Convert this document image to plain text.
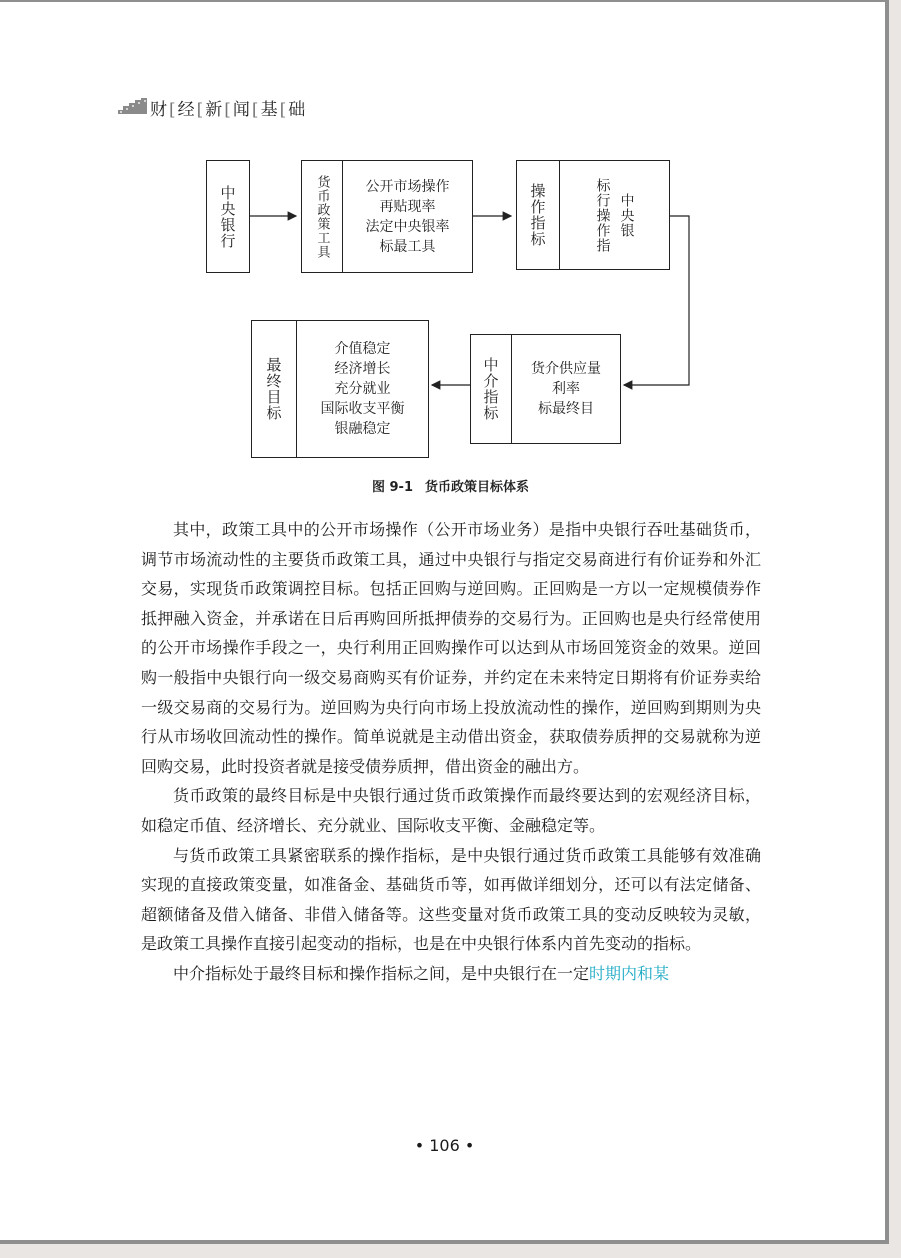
财[经[新[闻[基[础
中央银行	货币政策工具	公开市场操作
再贴现率
法定中央银率
标最工具	操作指标	中央银
标行操作指
最终目标
介值稳定
经济增长
充分就业
国际收支平衡
银融稳定
中介指标	货介供应量
利率
标最终目
图 9-1 货币政策目标体系

其中，政策工具中的公开市场操作（公开市场业务）是指中央银行吞吐基础货币，调节市场流动性的主要货币政策工具，通过中央银行与指定交易商进行有价证券和外汇交易，实现货币政策调控目标。包括正回购与逆回购。正回购是一方以一定规模债券作抵押融入资金，并承诺在日后再购回所抵押债券的交易行为。正回购也是央行经常使用的公开市场操作手段之一，央行利用正回购操作可以达到从市场回笼资金的效果。逆回购一般指中央银行向一级交易商购买有价证券，并约定在未来特定日期将有价证券卖给一级交易商的交易行为。逆回购为央行向市场上投放流动性的操作，逆回购到期则为央行从市场收回流动性的操作。简单说就是主动借出资金，获取债券质押的交易就称为逆回购交易，此时投资者就是接受债券质押，借出资金的融出方。

货币政策的最终目标是中央银行通过货币政策操作而最终要达到的宏观经济目标，如稳定币值、经济增长、充分就业、国际收支平衡、金融稳定等。

与货币政策工具紧密联系的操作指标，是中央银行通过货币政策工具能够有效准确实现的直接政策变量，如准备金、基础货币等，如再做详细划分，还可以有法定储备、超额储备及借入储备、非借入储备等。这些变量对货币政策工具的变动反映较为灵敏，是政策工具操作直接引起变动的指标，也是在中央银行体系内首先变动的指标。

中介指标处于最终目标和操作指标之间，是中央银行在一定时期内和某

• 106 •
